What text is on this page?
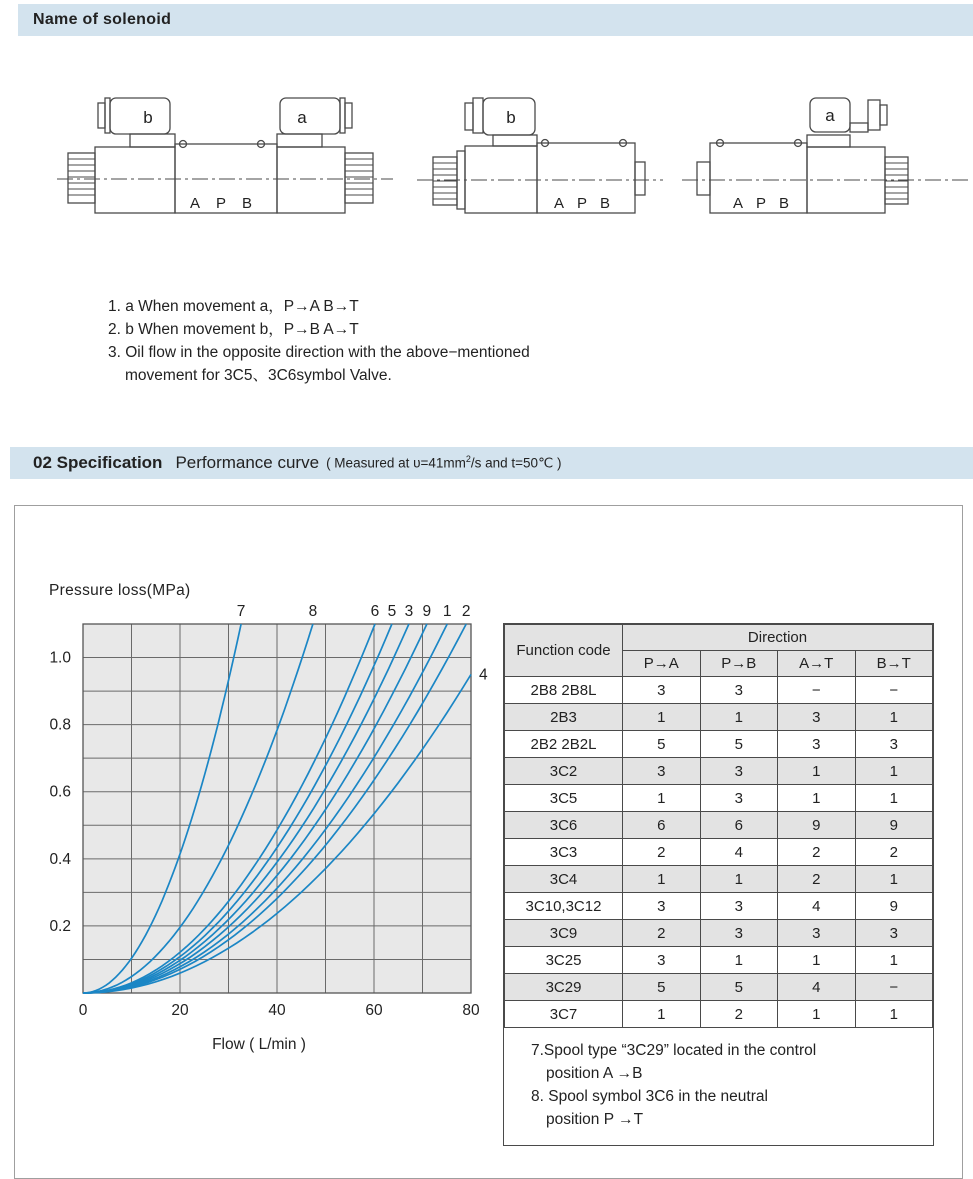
Name of solenoid
b
A P B
a	b
A P B	A P B
a
1. a When movement a，P→A B→T
2. b When movement b，P→B A→T
3. Oil flow in the opposite direction with the above−mentioned
movement for 3C5、3C6symbol Valve.
02 Specification Performance curve ( Measured at $\upsilon=41mm^2/s$ and t=50℃ )
Pressure loss(MPa)
7	8	6 5 3 9 1 2
4
0	20	40	60	80
0.2
0.4
0.6
0.8
1.0
Flow ( L/min )
Function code	Direction			
	P→A	P→B	A→T	B→T
2B8 2B8L	3	3	−	−
2B3	1	1	3	1
2B2 2B2L	5	5	3	3
3C2	3	3	1	1
3C5	1	3	1	1
3C6	6	6	9	9
3C3	2	4	2	2
3C4	1	1	2	1
3C10,3C12	3	3	4	9
3C9	2	3	3	3
3C25	3	1	1	1
3C29	5	5	4	−
3C7	1	2	1	1
7.Spool type “3C29” located in the control
position A →B
8. Spool symbol 3C6 in the neutral
position P →T
